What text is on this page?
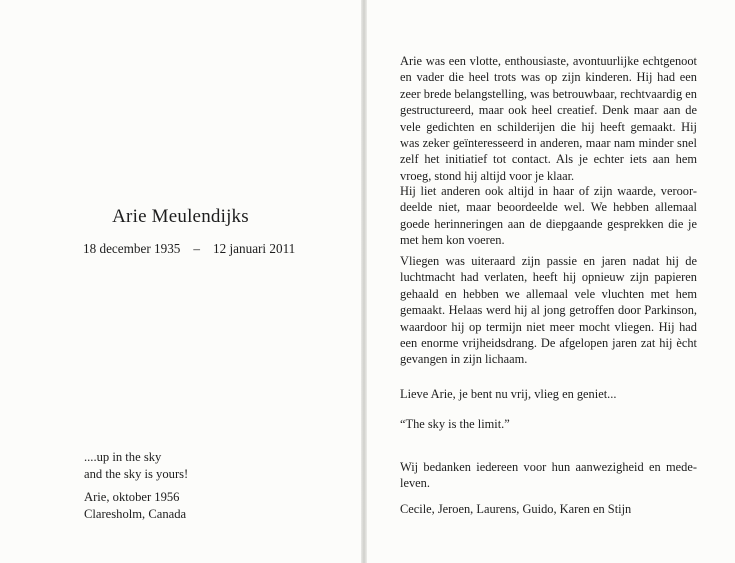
Arie Meulendijks
18 december 1935 – 12 januari 2011
....up in the sky
and the sky is yours!
Arie, oktober 1956
Claresholm, Canada
Arie was een vlotte, enthousiaste, avontuurlijke echtgenoot en vader die heel trots was op zijn kinderen. Hij had een zeer brede belangstelling, was betrouwbaar, rechtvaardig en gestructureerd, maar ook heel creatief. Denk maar aan de vele gedichten en schilderijen die hij heeft gemaakt. Hij was zeker geïnteresseerd in anderen, maar nam minder snel zelf het initiatief tot contact. Als je echter iets aan hem vroeg, stond hij altijd voor je klaar.
Hij liet anderen ook altijd in haar of zijn waarde, veroor-deelde niet, maar beoordeelde wel. We hebben allemaal goede herinneringen aan de diepgaande gesprekken die je met hem kon voeren.
Vliegen was uiteraard zijn passie en jaren nadat hij de luchtmacht had verlaten, heeft hij opnieuw zijn papieren gehaald en hebben we allemaal vele vluchten met hem gemaakt. Helaas werd hij al jong getroffen door Parkinson, waardoor hij op termijn niet meer mocht vliegen. Hij had een enorme vrijheidsdrang. De afgelopen jaren zat hij ècht gevangen in zijn lichaam.
Lieve Arie, je bent nu vrij, vlieg en geniet...
“The sky is the limit.”
Wij bedanken iedereen voor hun aanwezigheid en mede-leven.
Cecile, Jeroen, Laurens, Guido, Karen en Stijn
